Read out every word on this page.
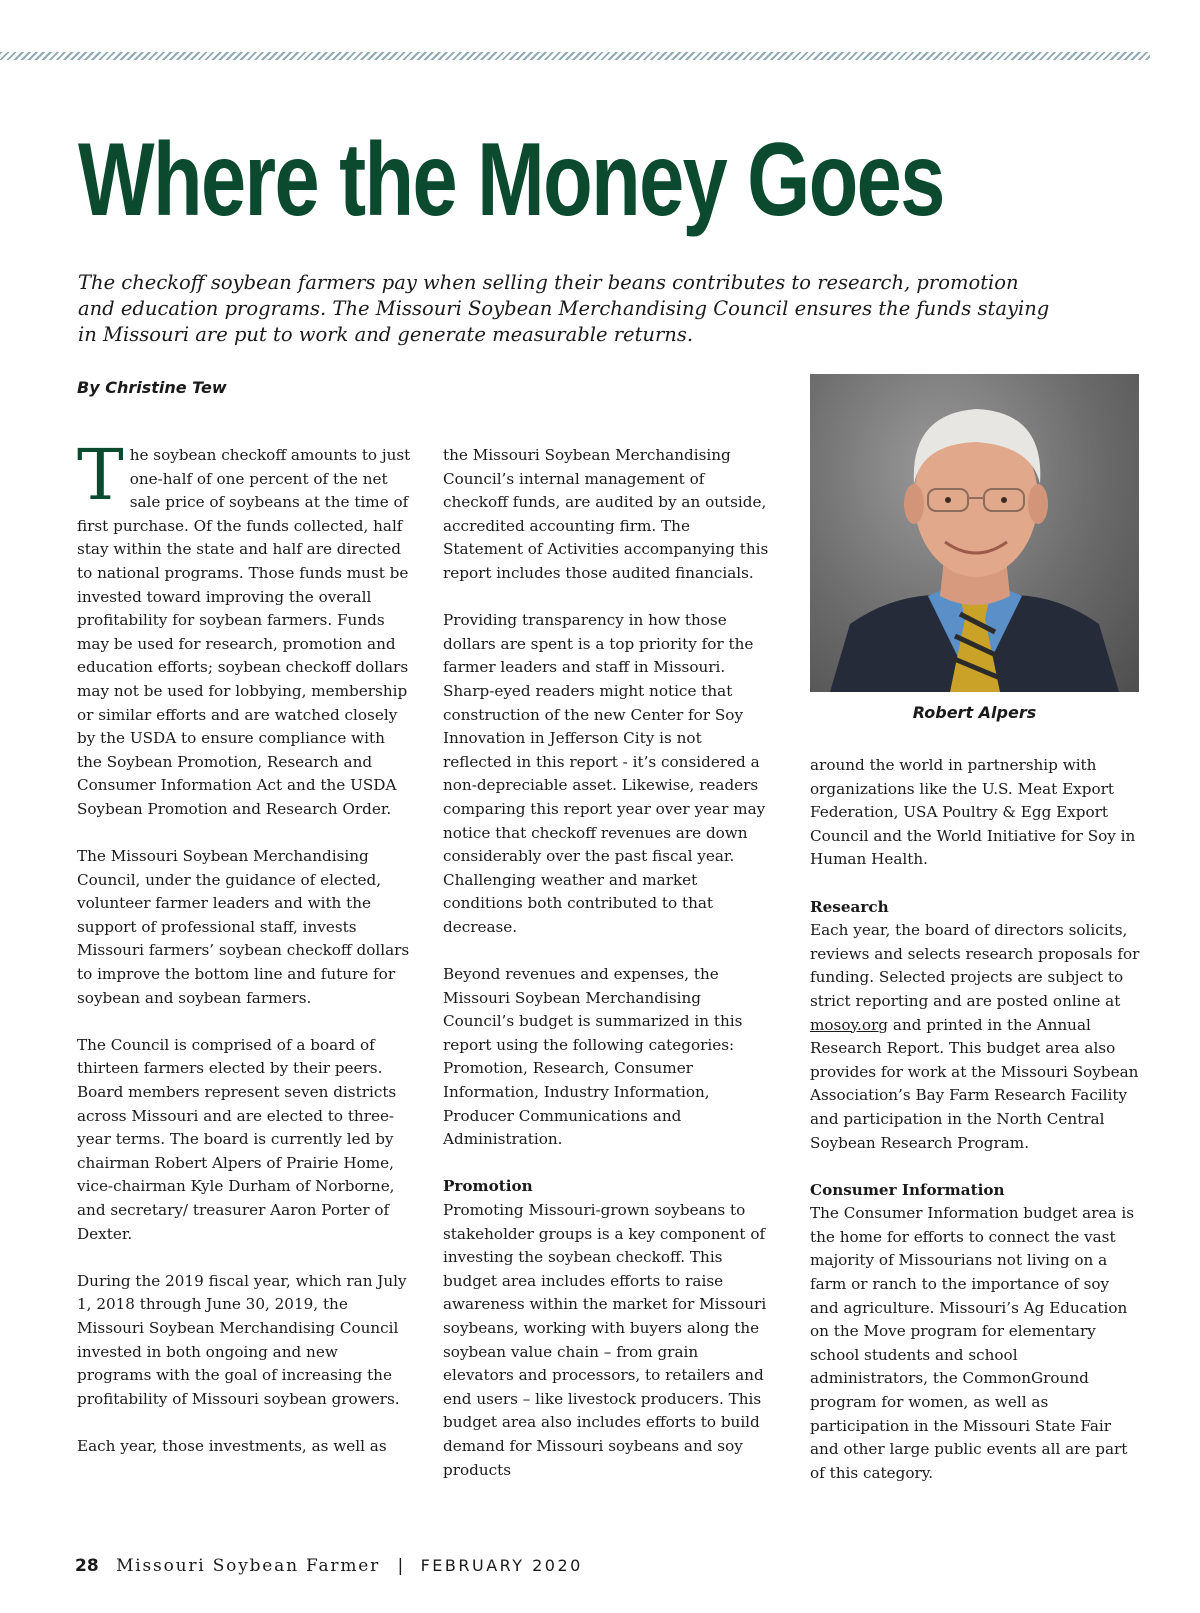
Where the Money Goes

The checkoff soybean farmers pay when selling their beans contributes to research, promotion and education programs. The Missouri Soybean Merchandising Council ensures the funds staying in Missouri are put to work and generate measurable returns.

By Christine Tew

The soybean checkoff amounts to just one-half of one percent of the net sale price of soybeans at the time of first purchase. Of the funds collected, half stay within the state and half are directed to national programs. Those funds must be invested toward improving the overall profitability for soybean farmers. Funds may be used for research, promotion and education efforts; soybean checkoff dollars may not be used for lobbying, membership or similar efforts and are watched closely by the USDA to ensure compliance with the Soybean Promotion, Research and Consumer Information Act and the USDA Soybean Promotion and Research Order.

The Missouri Soybean Merchandising Council, under the guidance of elected, volunteer farmer leaders and with the support of professional staff, invests Missouri farmers’ soybean checkoff dollars to improve the bottom line and future for soybean and soybean farmers.

The Council is comprised of a board of thirteen farmers elected by their peers. Board members represent seven districts across Missouri and are elected to three-year terms. The board is currently led by chairman Robert Alpers of Prairie Home, vice-chairman Kyle Durham of Norborne, and secretary/ treasurer Aaron Porter of Dexter.

During the 2019 fiscal year, which ran July 1, 2018 through June 30, 2019, the Missouri Soybean Merchandising Council invested in both ongoing and new programs with the goal of increasing the profitability of Missouri soybean growers.

Each year, those investments, as well as

the Missouri Soybean Merchandising Council’s internal management of checkoff funds, are audited by an outside, accredited accounting firm. The Statement of Activities accompanying this report includes those audited financials.

Providing transparency in how those dollars are spent is a top priority for the farmer leaders and staff in Missouri. Sharp-eyed readers might notice that construction of the new Center for Soy Innovation in Jefferson City is not reflected in this report - it’s considered a non-depreciable asset. Likewise, readers comparing this report year over year may notice that checkoff revenues are down considerably over the past fiscal year. Challenging weather and market conditions both contributed to that decrease.

Beyond revenues and expenses, the Missouri Soybean Merchandising Council’s budget is summarized in this report using the following categories: Promotion, Research, Consumer Information, Industry Information, Producer Communications and Administration.

Promotion

Promoting Missouri-grown soybeans to stakeholder groups is a key component of investing the soybean checkoff. This budget area includes efforts to raise awareness within the market for Missouri soybeans, working with buyers along the soybean value chain – from grain elevators and processors, to retailers and end users – like livestock producers. This budget area also includes efforts to build demand for Missouri soybeans and soy products

Robert Alpers

around the world in partnership with organizations like the U.S. Meat Export Federation, USA Poultry & Egg Export Council and the World Initiative for Soy in Human Health.

Research

Each year, the board of directors solicits, reviews and selects research proposals for funding. Selected projects are subject to strict reporting and are posted online at mosoy.org and printed in the Annual Research Report. This budget area also provides for work at the Missouri Soybean Association’s Bay Farm Research Facility and participation in the North Central Soybean Research Program.

Consumer Information

The Consumer Information budget area is the home for efforts to connect the vast majority of Missourians not living on a farm or ranch to the importance of soy and agriculture. Missouri’s Ag Education on the Move program for elementary school students and school administrators, the CommonGround program for women, as well as participation in the Missouri State Fair and other large public events all are part of this category.

28 Missouri Soybean Farmer | FEBRUARY 2020
